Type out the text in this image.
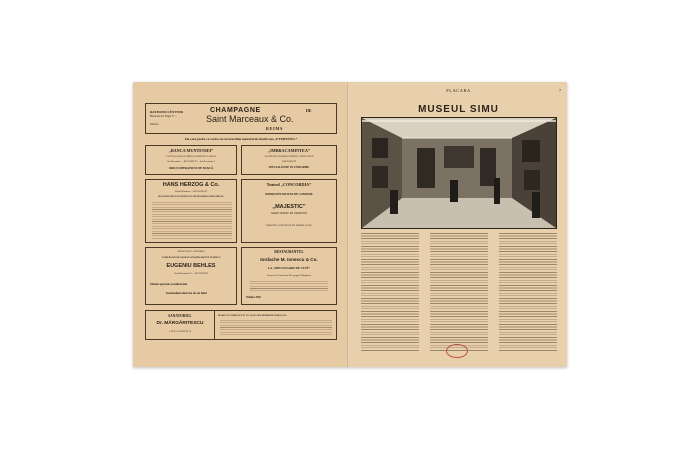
RAYMOND CÉNTNER
Bucuresti-Str. Edgar 77 ...
Telefon ...
CHAMPAGNE	DE
Saint Marceaux & Co.
REIMS
Fie-care probe va vezica că cel mai efine material de învelit este „ETERNITUL”
„BANCA MUNTENIEI”
CAPITAL SOCIAL PRIN LEI DEPLIN VĂRSAT
Str. Brezoianu — BUCURESTI — Str. Brezoianu 1
ORICE OPERATIUNI DE BANCĂ
„IMBRACAMINTEA”
SOCIETATE ANONIMĂ PENTRU CONFECTIUNI
BUCURESTI
SPECIALITATE IN UNIFORME
HANS HERZOG & Co.
B-dul Elisabeta — BUCURESTI
MAGAZIN SPECIAL PENTRU TOATE MASINILE INDUSTRIALE
Teatrul „CONCORDIA”
REPREZENTATIUNI DE COMEDIE
„MAJESTIC”
MARE TEATRU DE VARIETATI
DEBUTUL ARTISTILOR DE PRIMUL RANG
SOCIETATEA ANONIMĂ
COMERCIUL DE MASINI SI INSTRUMENTE TEHNICE
EUGENIU BEHLES
B-dul Elisabeta 20 — BUCURESTI
Masini agricole și industriale
Instalatiuni electrice de tot felul
RESTAURANTUL
Iordache M. Ionescu & Co.
LA „TREI FOGORE DE VITĂ”
Depou de Vinuri din Vile proprii Drăgășani
Telefon 3992
SANATORIUL
Dr. MĂRGĂRITESCU
CALEA GRIVITEI 24
MARIT SI COMPLECTAT CU CELE MAI MODERNE MIJLOACE
FLACARA	7
MUSEUL SIMU
